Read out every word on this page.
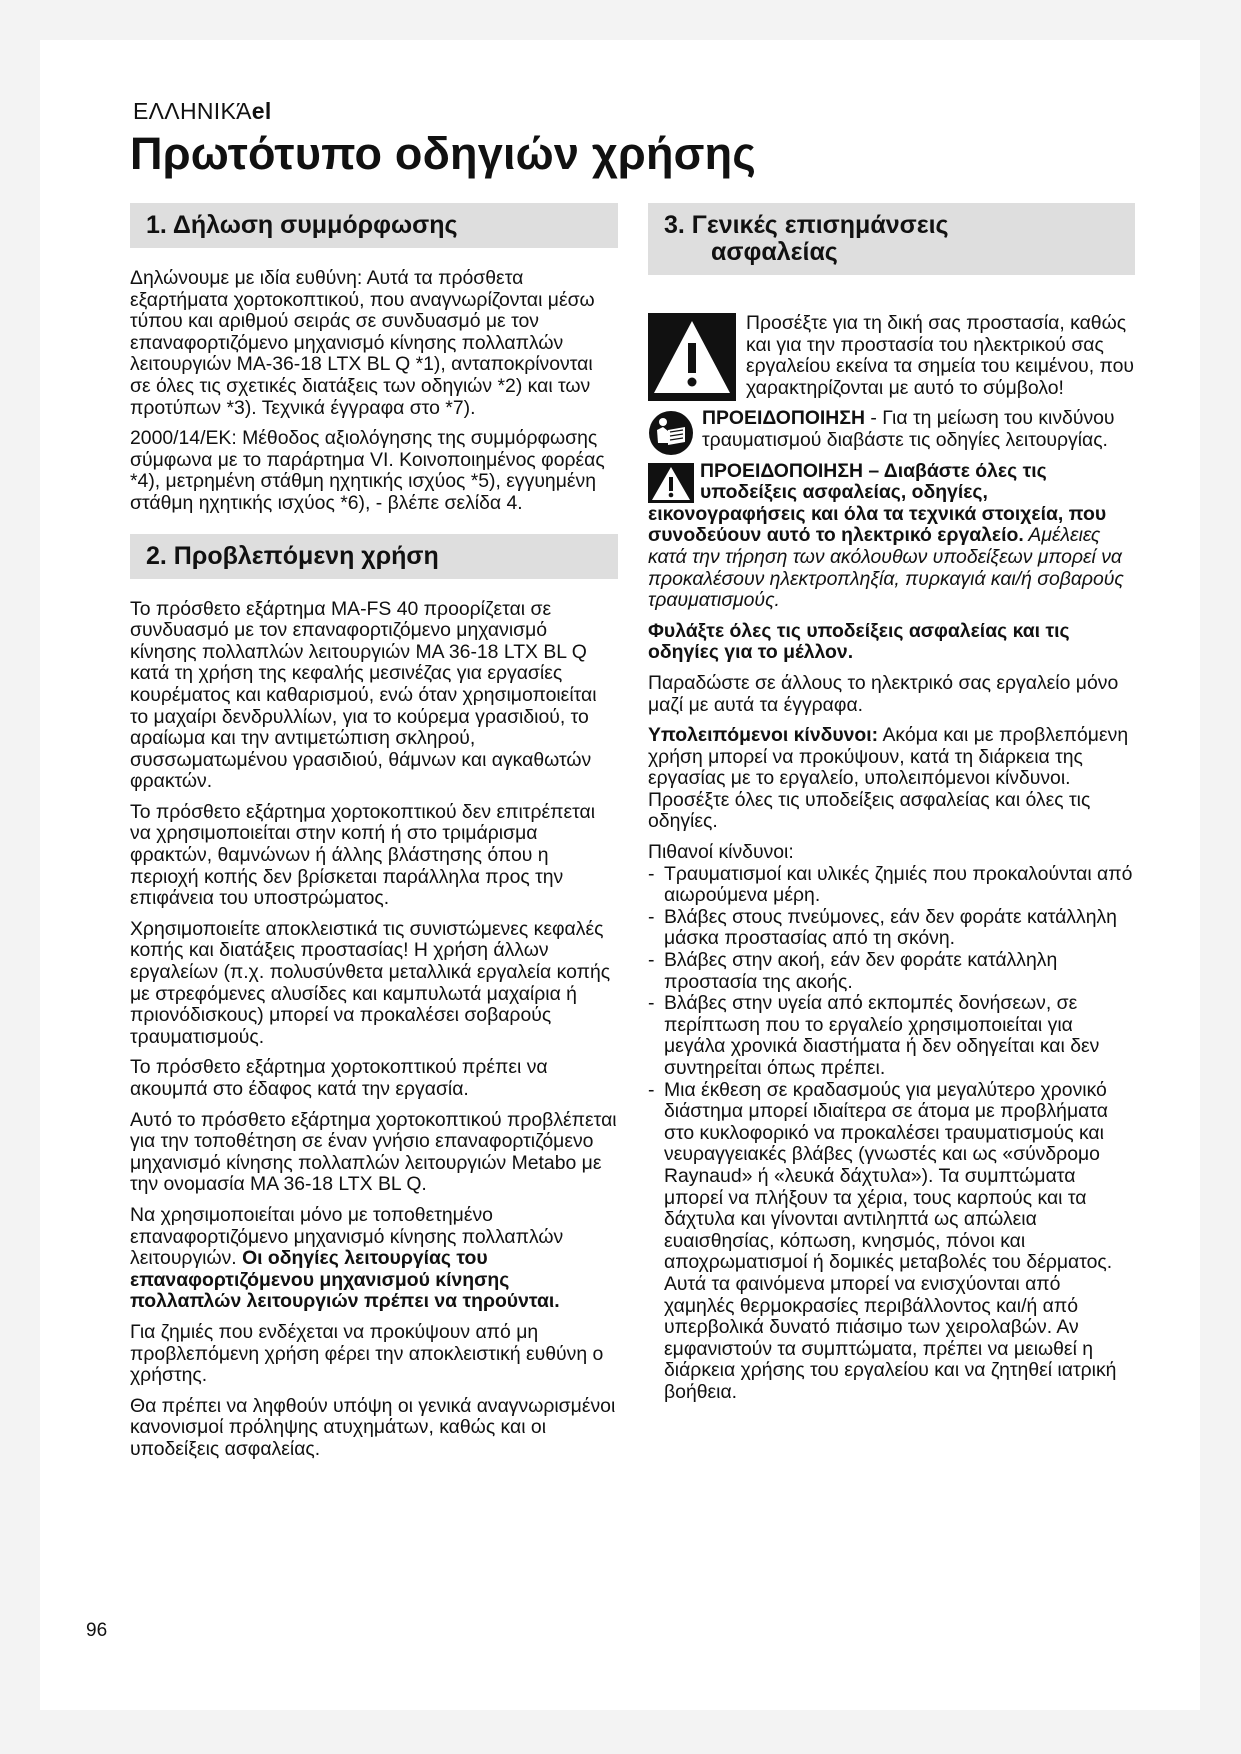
ΕΛΛΗΝΙΚΆel
Πρωτότυπο οδηγιών χρήσης
1. Δήλωση συμμόρφωσης

Δηλώνουμε με ιδία ευθύνη: Αυτά τα πρόσθετα εξαρτήματα χορτοκοπτικού, που αναγνωρίζονται μέσω τύπου και αριθμού σειράς σε συνδυασμό με τον επαναφορτιζόμενο μηχανισμό κίνησης πολλαπλών λειτουργιών MA-36-18 LTX BL Q *1), ανταποκρίνονται σε όλες τις σχετικές διατάξεις των οδηγιών *2) και των προτύπων *3). Τεχνικά έγγραφα στο *7).

2000/14/ΕΚ: Μέθοδος αξιολόγησης της συμμόρφωσης σύμφωνα με το παράρτημα VI. Κοινοποιημένος φορέας *4), μετρημένη στάθμη ηχητικής ισχύος *5), εγγυημένη στάθμη ηχητικής ισχύος *6), - βλέπε σελίδα 4.

2. Προβλεπόμενη χρήση

Το πρόσθετο εξάρτημα MA-FS 40 προορίζεται σε συνδυασμό με τον επαναφορτιζόμενο μηχανισμό κίνησης πολλαπλών λειτουργιών MA 36-18 LTX BL Q κατά τη χρήση της κεφαλής μεσινέζας για εργασίες κουρέματος και καθαρισμού, ενώ όταν χρησιμοποιείται το μαχαίρι δενδρυλλίων, για το κούρεμα γρασιδιού, το αραίωμα και την αντιμετώπιση σκληρού, συσσωματωμένου γρασιδιού, θάμνων και αγκαθωτών φρακτών.

Το πρόσθετο εξάρτημα χορτοκοπτικού δεν επιτρέπεται να χρησιμοποιείται στην κοπή ή στο τριμάρισμα φρακτών, θαμνώνων ή άλλης βλάστησης όπου η περιοχή κοπής δεν βρίσκεται παράλληλα προς την επιφάνεια του υποστρώματος.

Χρησιμοποιείτε αποκλειστικά τις συνιστώμενες κεφαλές κοπής και διατάξεις προστασίας! Η χρήση άλλων εργαλείων (π.χ. πολυσύνθετα μεταλλικά εργαλεία κοπής με στρεφόμενες αλυσίδες και καμπυλωτά μαχαίρια ή πριονόδισκους) μπορεί να προκαλέσει σοβαρούς τραυματισμούς.

Το πρόσθετο εξάρτημα χορτοκοπτικού πρέπει να ακουμπά στο έδαφος κατά την εργασία.

Αυτό το πρόσθετο εξάρτημα χορτοκοπτικού προβλέπεται για την τοποθέτηση σε έναν γνήσιο επαναφορτιζόμενο μηχανισμό κίνησης πολλαπλών λειτουργιών Metabo με την ονομασία MA 36-18 LTX BL Q.

Να χρησιμοποιείται μόνο με τοποθετημένο επαναφορτιζόμενο μηχανισμό κίνησης πολλαπλών λειτουργιών. Οι οδηγίες λειτουργίας του επαναφορτιζόμενου μηχανισμού κίνησης πολλαπλών λειτουργιών πρέπει να τηρούνται.

Για ζημιές που ενδέχεται να προκύψουν από μη προβλεπόμενη χρήση φέρει την αποκλειστική ευθύνη ο χρήστης.

Θα πρέπει να ληφθούν υπόψη οι γενικά αναγνωρισμένοι κανονισμοί πρόληψης ατυχημάτων, καθώς και οι υποδείξεις ασφαλείας.

3. Γενικές επισημάνσεις
ασφαλείας

Προσέξτε για τη δική σας προστασία, καθώς και για την προστασία του ηλεκτρικού σας εργαλείου εκείνα τα σημεία του κειμένου, που χαρακτηρίζονται με αυτό το σύμβολο!

ΠΡΟΕΙΔΟΠΟΙΗΣΗ - Για τη μείωση του κινδύνου τραυματισμού διαβάστε τις οδηγίες λειτουργίας.

ΠΡΟΕΙΔΟΠΟΙΗΣΗ – Διαβάστε όλες τις υποδείξεις ασφαλείας, οδηγίες, εικονογραφήσεις και όλα τα τεχνικά στοιχεία, που συνοδεύουν αυτό το ηλεκτρικό εργαλείο. Αμέλειες κατά την τήρηση των ακόλουθων υποδείξεων μπορεί να προκαλέσουν ηλεκτροπληξία, πυρκαγιά και/ή σοβαρούς τραυματισμούς.

Φυλάξτε όλες τις υποδείξεις ασφαλείας και τις οδηγίες για το μέλλον.

Παραδώστε σε άλλους το ηλεκτρικό σας εργαλείο μόνο μαζί με αυτά τα έγγραφα.

Υπολειπόμενοι κίνδυνοι: Ακόμα και με προβλεπόμενη χρήση μπορεί να προκύψουν, κατά τη διάρκεια της εργασίας με το εργαλείο, υπολειπόμενοι κίνδυνοι. Προσέξτε όλες τις υποδείξεις ασφαλείας και όλες τις οδηγίες.

Πιθανοί κίνδυνοι:
- Τραυματισμοί και υλικές ζημιές που προκαλούνται από αιωρούμενα μέρη.
- Βλάβες στους πνεύμονες, εάν δεν φοράτε κατάλληλη μάσκα προστασίας από τη σκόνη.
- Βλάβες στην ακοή, εάν δεν φοράτε κατάλληλη προστασία της ακοής.
- Βλάβες στην υγεία από εκπομπές δονήσεων, σε περίπτωση που το εργαλείο χρησιμοποιείται για μεγάλα χρονικά διαστήματα ή δεν οδηγείται και δεν συντηρείται όπως πρέπει.
- Μια έκθεση σε κραδασμούς για μεγαλύτερο χρονικό διάστημα μπορεί ιδιαίτερα σε άτομα με προβλήματα στο κυκλοφορικό να προκαλέσει τραυματισμούς και νευραγγειακές βλάβες (γνωστές και ως «σύνδρομο Raynaud» ή «λευκά δάχτυλα»). Τα συμπτώματα μπορεί να πλήξουν τα χέρια, τους καρπούς και τα δάχτυλα και γίνονται αντιληπτά ως απώλεια ευαισθησίας, κόπωση, κνησμός, πόνοι και αποχρωματισμοί ή δομικές μεταβολές του δέρματος. Αυτά τα φαινόμενα μπορεί να ενισχύονται από χαμηλές θερμοκρασίες περιβάλλοντος και/ή από υπερβολικά δυνατό πιάσιμο των χειρολαβών. Αν εμφανιστούν τα συμπτώματα, πρέπει να μειωθεί η διάρκεια χρήσης του εργαλείου και να ζητηθεί ιατρική βοήθεια.
96
